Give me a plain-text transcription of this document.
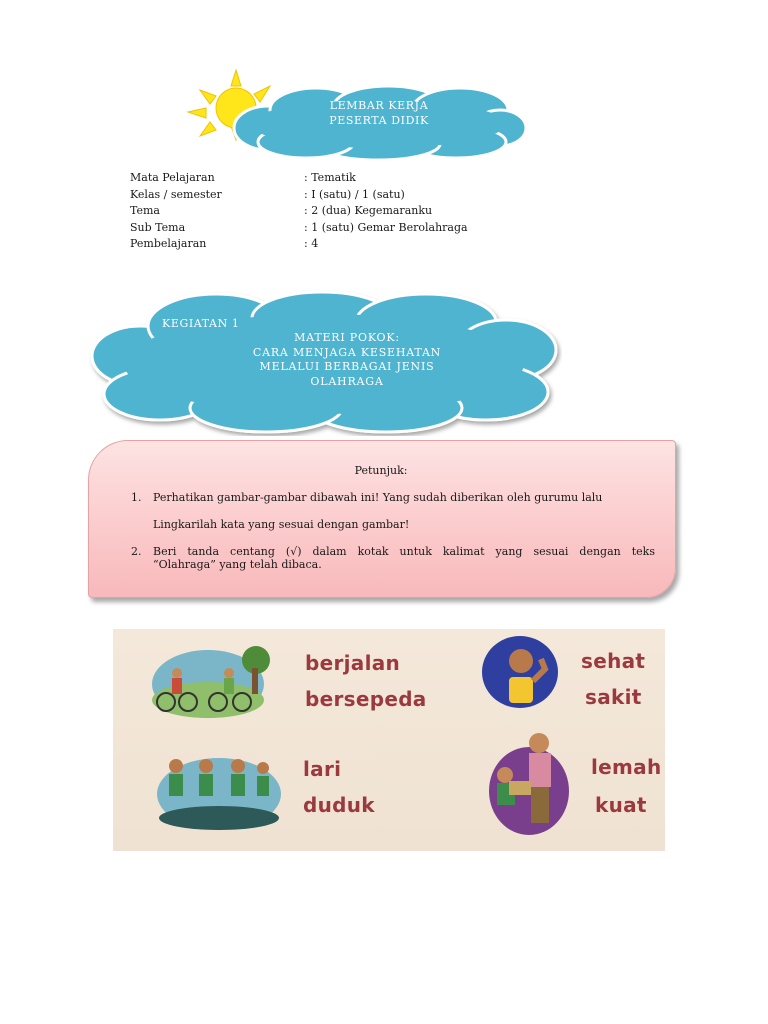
LEMBAR KERJA
PESERTA DIDIK
Mata Pelajaran	: Tematik
Kelas / semester	: I (satu) / 1 (satu)
Tema	: 2 (dua) Kegemaranku
Sub Tema	: 1 (satu) Gemar Berolahraga
Pembelajaran	: 4
KEGIATAN 1
MATERI POKOK:
CARA MENJAGA KESEHATAN
MELALUI BERBAGAI JENIS
OLAHRAGA
Petunjuk:
1.	Perhatikan gambar-gambar dibawah ini! Yang sudah diberikan oleh gurumu lalu
Lingkarilah kata yang sesuai dengan gambar!
2.	Beri tanda centang (√) dalam kotak untuk kalimat yang sesuai dengan teks
“Olahraga” yang telah dibaca.
berjalan
bersepeda
sehat
sakit
lari
duduk
lemah
kuat
